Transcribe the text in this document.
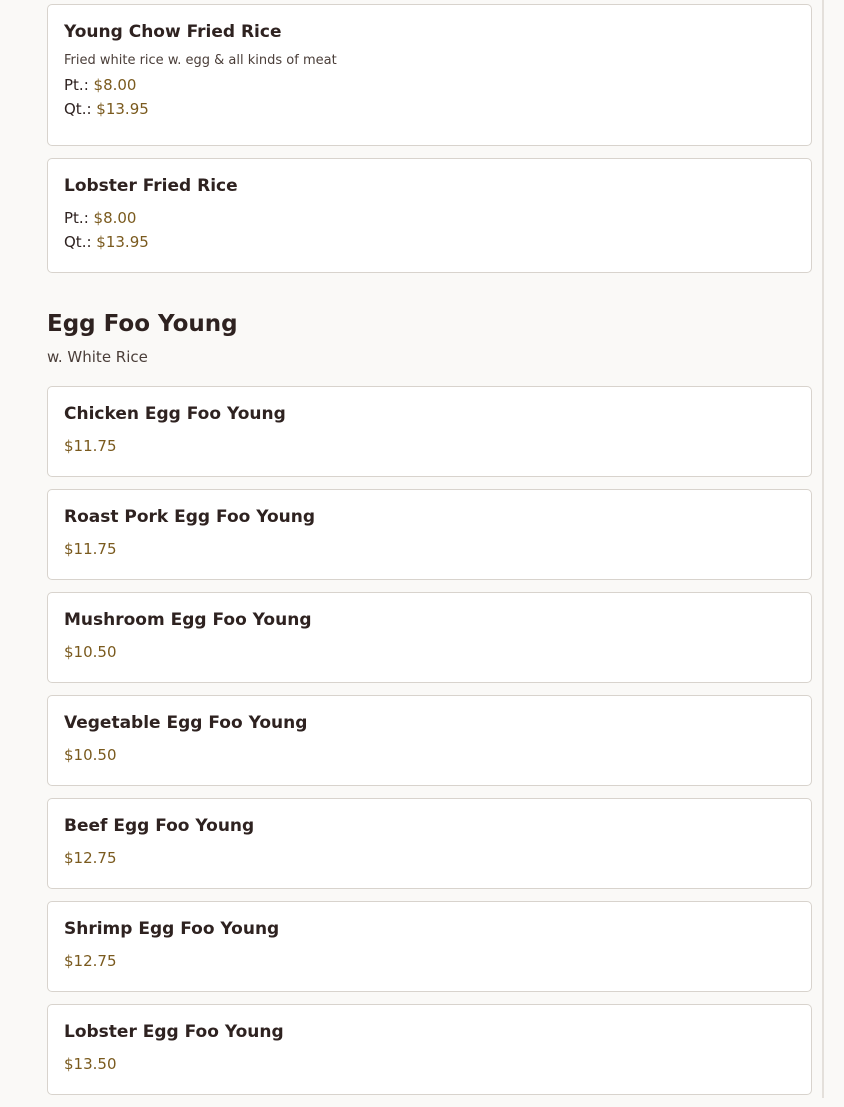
Young Chow Fried Rice
Fried white rice w. egg & all kinds of meat
Pt.: $8.00
Qt.: $13.95
Lobster Fried Rice
Pt.: $8.00
Qt.: $13.95
Egg Foo Young
w. White Rice
Chicken Egg Foo Young
$11.75
Roast Pork Egg Foo Young
$11.75
Mushroom Egg Foo Young
$10.50
Vegetable Egg Foo Young
$10.50
Beef Egg Foo Young
$12.75
Shrimp Egg Foo Young
$12.75
Lobster Egg Foo Young
$13.50
